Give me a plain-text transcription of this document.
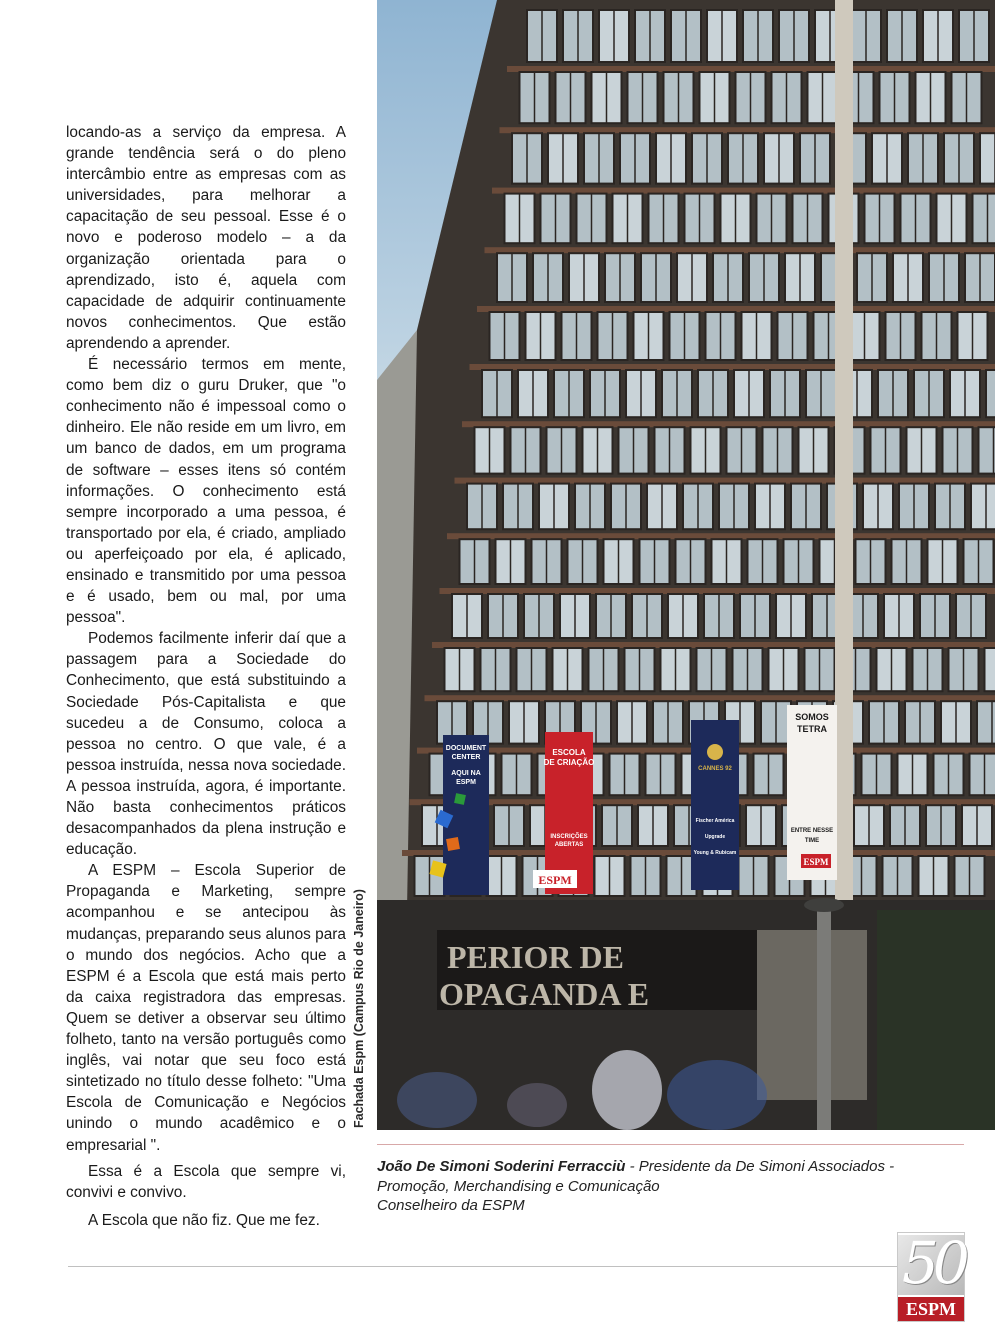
locando-as a serviço da empresa. A grande tendência será o do pleno intercâmbio entre as empresas com as universidades, para melhorar a capacitação de seu pessoal. Esse é o novo e poderoso modelo – a da organização orientada para o aprendizado, isto é, aquela com capacidade de adquirir continuamente novos conhecimentos. Que estão aprendendo a aprender.

É necessário termos em mente, como bem diz o guru Druker, que "o conhecimento não é impessoal como o dinheiro. Ele não reside em um livro, em um banco de dados, em um programa de software – esses itens só contém informações. O conhecimento está sempre incorporado a uma pessoa, é transportado por ela, é criado, ampliado ou aperfeiçoado por ela, é aplicado, ensinado e transmitido por uma pessoa e é usado, bem ou mal, por uma pessoa".

Podemos facilmente inferir daí que a passagem para a Sociedade do Conhecimento, que está substituindo a Sociedade Pós-Capitalista e que sucedeu a de Consumo, coloca a pessoa no centro. O que vale, é a pessoa instruída, nessa nova sociedade. A pessoa instruída, agora, é importante. Não basta conhecimentos práticos desacompanhados da plena instrução e educação.

A ESPM – Escola Superior de Propaganda e Marketing, sempre acompanhou e se antecipou às mudanças, preparando seus alunos para o mundo dos negócios. Acho que a ESPM é a Escola que está mais perto da caixa registradora das empresas. Quem se detiver a observar seu último folheto, tanto na versão português como inglês, vai notar que seu foco está sintetizado no título desse folheto: "Uma Escola de Comunicação e Negócios unindo o mundo acadêmico e o empresarial ".

Essa é a Escola que sempre vi, convivi e convivo.

A Escola que não fiz. Que me fez.

Fachada Espm (Campus Rio de Janeiro)	PERIOR DE
OPAGANDA E
DOCUMENT
CENTER
AQUI NA
ESPM
ESCOLA
DE CRIAÇÃO
INSCRIÇÕES
ABERTAS
ESPM
CANNES 92
Fischer América
Upgrade
Young & Rubicam
SOMOS
TETRA
ENTRE NESSE
TIME
ESPM
João De Simoni Soderini Ferracciù - Presidente da De Simoni Associados -
Promoção, Merchandising e Comunicação
Conselheiro da ESPM
50
ESPM
